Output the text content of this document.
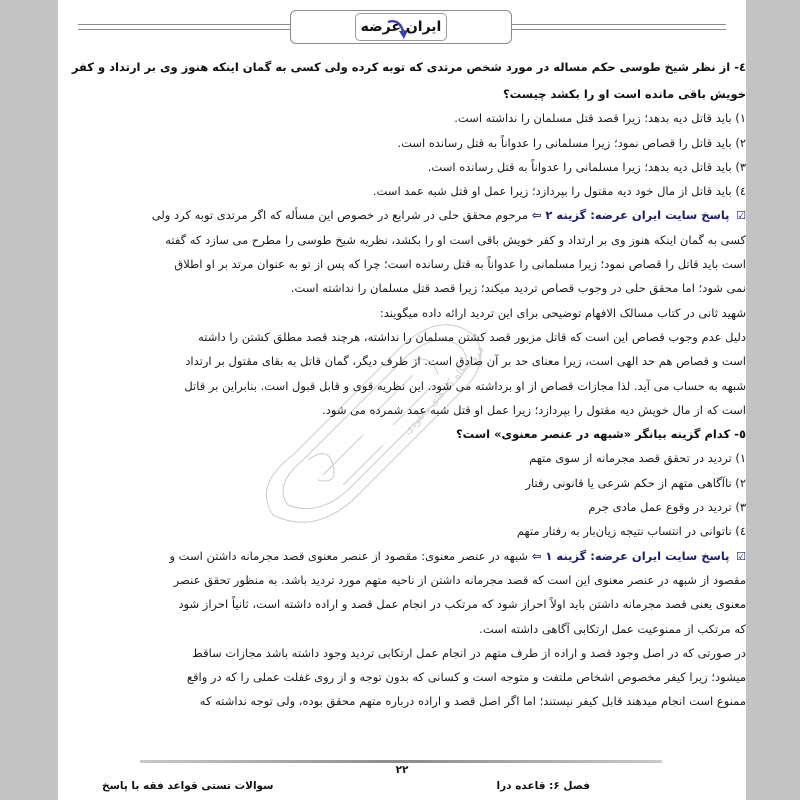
ایران عرضه
فروشگاه کالاهای دانلودی
٤- از نظر شیخ طوسی حکم مساله در مورد شخص مرتدی که توبه کرده ولی کسی به گمان اینکه هنوز وی بر ارتداد و کفر
خویش باقی مانده است او را بکشد چیست؟
۱) باید قاتل دیه بدهد؛ زیرا قصد قتل مسلمان را نداشته است.
۲) باید قاتل را قصاص نمود؛ زیرا مسلمانی را عدواناً به قتل رسانده است.
۳) باید قاتل دیه بدهد؛ زیرا مسلمانی را عدواناً به قتل رسانده است.
٤) باید قاتل از مال خود دیه مقتول را بپردازد؛ زیرا عمل او قتل شبه عمد است.
☑ پاسخ سایت ایران عرضه: گزینه ۲ ⇦ مرحوم محقق حلی در شرایع در خصوص این مسأله که اگر مرتدی توبه کرد ولی
کسی به گمان اینکه هنوز وی بر ارتداد و کفر خویش باقی است او را بکشد، نظریه شیخ طوسی را مطرح می سازد که گفته
است باید قاتل را قصاص نمود؛ زیرا مسلمانی را عدواناً به قتل رسانده است؛ چرا که پس از تو به عنوان مرتد بر او اطلاق
نمی شود؛ اما محقق حلی در وجوب قصاص تردید میکند؛ زیرا قصد قتل مسلمان را نداشته است.
شهید ثانی در کتاب مسالک الافهام توضیحی برای این تردید ارائه داده میگویند:
دلیل عدم وجوب قصاص این است که قاتل مزبور قصد کشتن مسلمان را نداشته، هرچند قصد مطلق کشتن را داشته
است و قصاص هم حد الهی است، زیرا معنای حد بر آن صادق است. از طرف دیگر، گمان قاتل به بقای مقتول بر ارتداد
شبهه به حساب می آید. لذا مجازات قصاص از او برداشته می شود. این نظریه قوی و قابل قبول است. بنابراین بر قاتل
است که از مال خویش دیه مقتول را بپردازد؛ زیرا عمل او قتل شبه عمد شمرده می شود.
٥- کدام گزینه بیانگر «شبهه در عنصر معنوی» است؟
۱) تردید در تحقق قصد مجرمانه از سوی متهم
۲) ناآگاهی متهم از حکم شرعی یا قانونی رفتار
۳) تردید در وقوع عمل مادی جرم
٤) ناتوانی در انتساب نتیجه زیان‌بار به رفتار متهم
☑ پاسخ سایت ایران عرضه: گزینه ۱ ⇦ شبهه در عنصر معنوی: مقصود از عنصر معنوی قصد مجرمانه داشتن است و
مقصود از شبهه در عنصر معنوی این است که قصد مجرمانه داشتن از ناحیه متهم مورد تردید باشد. به منظور تحقق عنصر
معنوی یعنی قصد مجرمانه داشتن باید اولاً احراز شود که مرتکب در انجام عمل قصد و اراده داشته است، ثانیاً احراز شود
که مرتکب از ممنوعیت عمل ارتکابی آگاهی داشته است.
در صورتی که در اصل وجود قصد و اراده از طرف متهم در انجام عمل ارتکابی تردید وجود داشته باشد مجازات ساقط
میشود؛ زیرا کیفر مخصوص اشخاص ملتفت و متوجه است و کسانی که بدون توجه و از روی غفلت عملی را که در واقع
ممنوع است انجام میدهند قابل کیفر نیستند؛ اما اگر اصل قصد و اراده درباره متهم محقق بوده، ولی توجه نداشته که
۲۲
فصل ۶: قاعده درا
سوالات تستی قواعد فقه با پاسخ
